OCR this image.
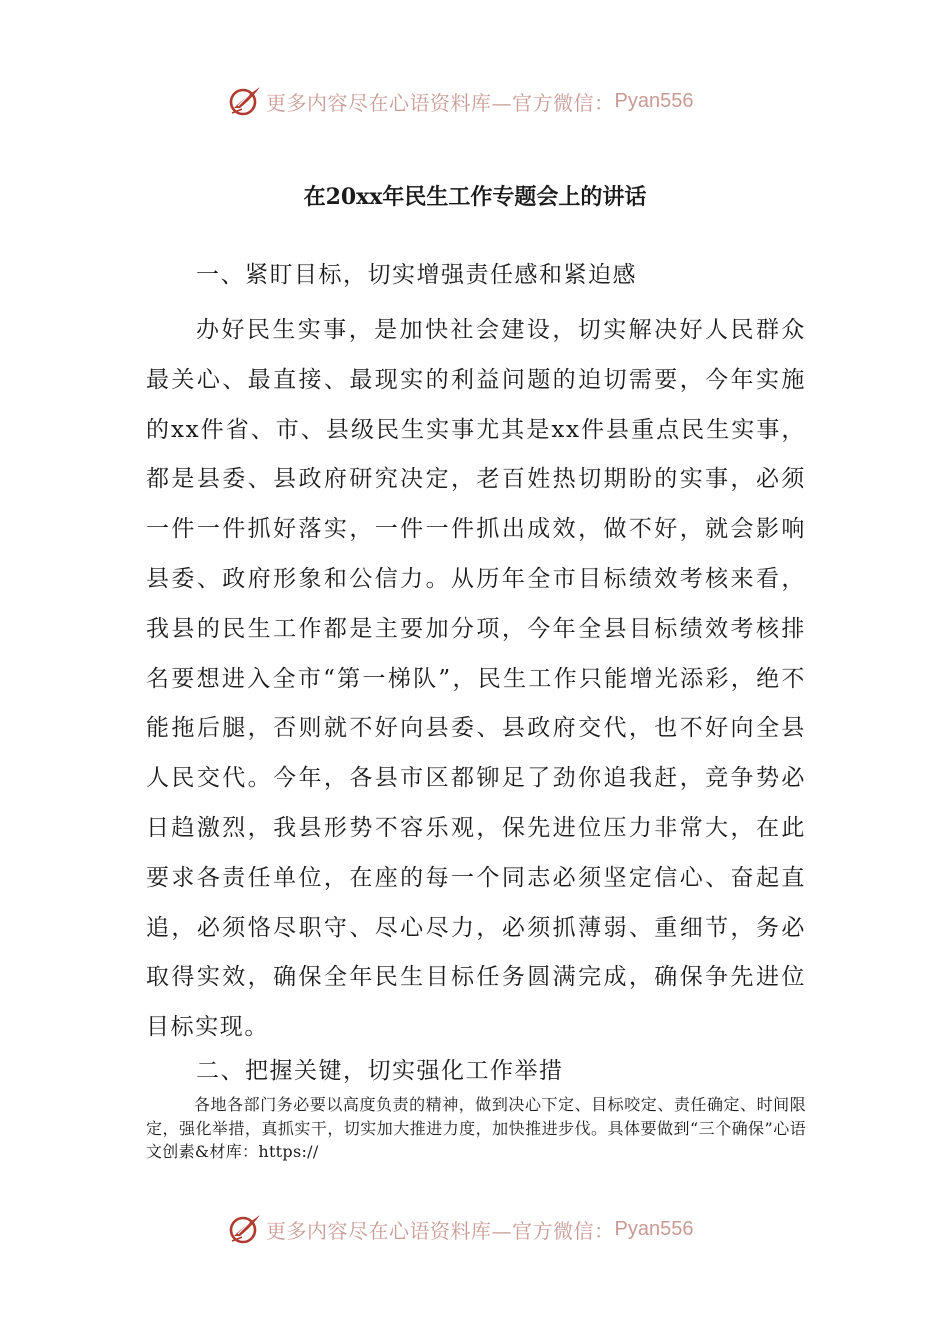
更多内容尽在心语资料库—官方微信： Pyan556
在20xx年民生工作专题会上的讲话
一、紧盯目标，切实增强责任感和紧迫感

办好民生实事，是加快社会建设，切实解决好人民群众最关心、最直接、最现实的利益问题的迫切需要，今年实施的xx件省、市、县级民生实事尤其是xx件县重点民生实事，都是县委、县政府研究决定，老百姓热切期盼的实事，必须一件一件抓好落实，一件一件抓出成效，做不好，就会影响县委、政府形象和公信力。从历年全市目标绩效考核来看，我县的民生工作都是主要加分项，今年全县目标绩效考核排名要想进入全市“第一梯队”，民生工作只能增光添彩，绝不能拖后腿，否则就不好向县委、县政府交代，也不好向全县人民交代。今年，各县市区都铆足了劲你追我赶，竞争势必日趋激烈，我县形势不容乐观，保先进位压力非常大，在此要求各责任单位，在座的每一个同志必须坚定信心、奋起直追，必须恪尽职守、尽心尽力，必须抓薄弱、重细节，务必取得实效，确保全年民生目标任务圆满完成，确保争先进位目标实现。

二、把握关键，切实强化工作举措

各地各部门务必要以高度负责的精神，做到决心下定、目标咬定、责任确定、时间限定，强化举措，真抓实干，切实加大推进力度，加快推进步伐。具体要做到“三个确保”心语文创素&材库：https://

更多内容尽在心语资料库—官方微信： Pyan556
